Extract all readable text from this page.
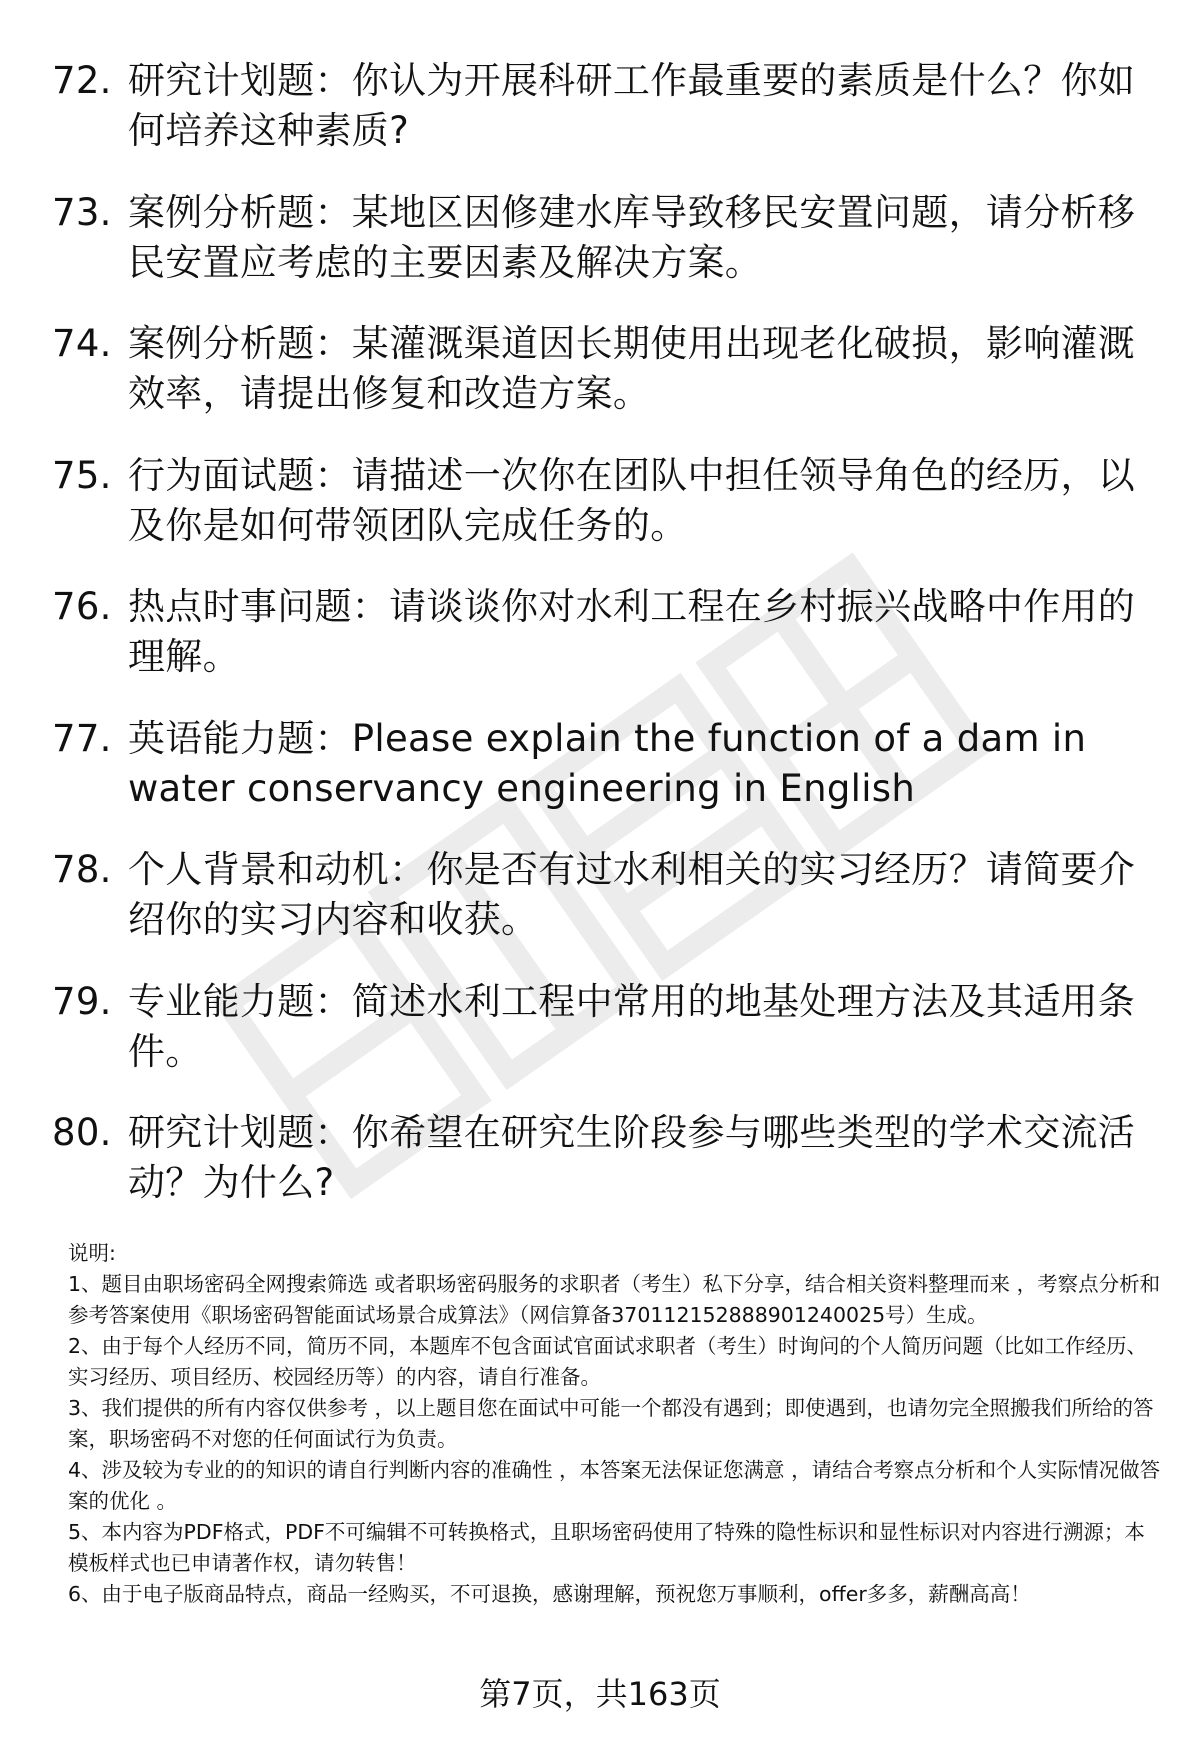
72. 研究计划题：你认为开展科研工作最重要的素质是什么？你如何培养这种素质?
73. 案例分析题：某地区因修建水库导致移民安置问题，请分析移民安置应考虑的主要因素及解决方案。
74. 案例分析题：某灌溉渠道因长期使用出现老化破损，影响灌溉效率，请提出修复和改造方案。
75. 行为面试题：请描述一次你在团队中担任领导角色的经历，以及你是如何带领团队完成任务的。
76. 热点时事问题：请谈谈你对水利工程在乡村振兴战略中作用的理解。
77. 英语能力题：Please explain the function of a dam in water conservancy engineering in English
78. 个人背景和动机：你是否有过水利相关的实习经历？请简要介绍你的实习内容和收获。
79. 专业能力题：简述水利工程中常用的地基处理方法及其适用条件。
80. 研究计划题：你希望在研究生阶段参与哪些类型的学术交流活动？为什么?

说明:

1、题目由职场密码全网搜索筛选 或者职场密码服务的求职者（考生）私下分享，结合相关资料整理而来 ，考察点分析和参考答案使用《职场密码智能面试场景合成算法》（网信算备370112152888901240025号）生成。

2、由于每个人经历不同，简历不同，本题库不包含面试官面试求职者（考生）时询问的个人简历问题（比如工作经历、实习经历、项目经历、校园经历等）的内容，请自行准备。

3、我们提供的所有内容仅供参考 ，以上题目您在面试中可能一个都没有遇到；即使遇到，也请勿完全照搬我们所给的答案，职场密码不对您的任何面试行为负责。

4、涉及较为专业的的知识的请自行判断内容的准确性 ，本答案无法保证您满意 ，请结合考察点分析和个人实际情况做答案的优化 。

5、本内容为PDF格式，PDF不可编辑不可转换格式，且职场密码使用了特殊的隐性标识和显性标识对内容进行溯源；本模板样式也已申请著作权，请勿转售！

6、由于电子版商品特点，商品一经购买，不可退换，感谢理解，预祝您万事顺利，offer多多，薪酬高高！

第7页，共163页
